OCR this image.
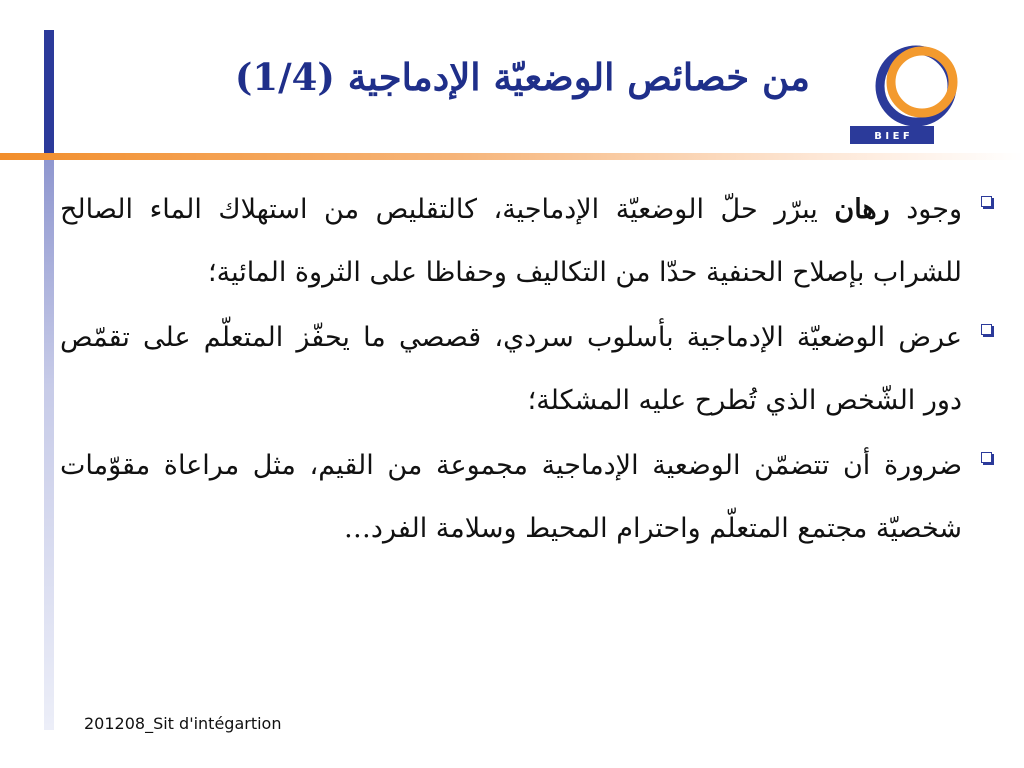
من خصائص الوضعيّة الإدماجية (1/4)
B I E F
وجود رهان يبرّر حلّ الوضعيّة الإدماجية، كالتقليص من استهلاك الماء الصالح للشراب بإصلاح الحنفية حدّا من التكاليف وحفاظا على الثروة المائية؛
عرض الوضعيّة الإدماجية بأسلوب سردي، قصصي ما يحفّز المتعلّم على تقمّص دور الشّخص الذي تُطرح عليه المشكلة؛
ضرورة أن تتضمّن الوضعية الإدماجية مجموعة من القيم، مثل مراعاة مقوّمات شخصيّة مجتمع المتعلّم واحترام المحيط وسلامة الفرد…
201208_Sit d'intégartion
